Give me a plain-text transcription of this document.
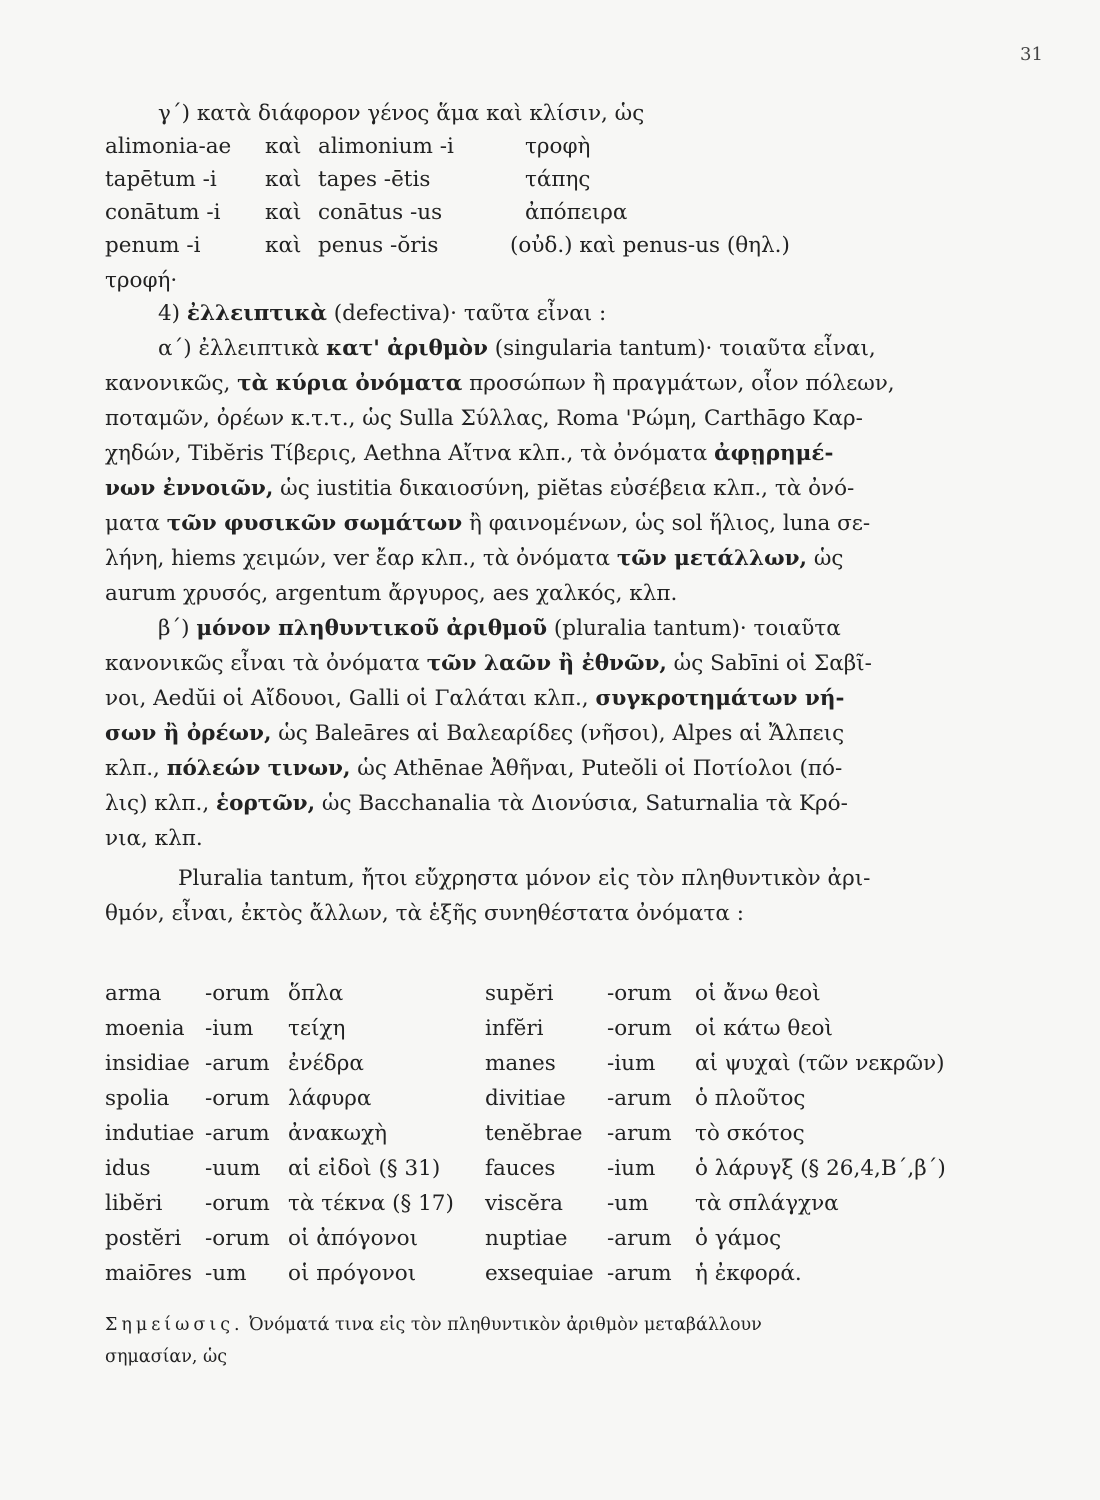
31
γ΄) κατὰ διάφορον γένος ἅμα καὶ κλίσιν, ὡς
alimonia-ae καὶ alimonium -i	τροφὴ
tapētum -i καὶ tapes -ētis	τάπης
conātum -i καὶ conātus -us	ἀπόπειρα
penum -i	καὶ penus -ŏris	(οὐδ.) καὶ penus-us (θηλ.)
τροφή·
4) ἐλλειπτικὰ (defectiva)· ταῦτα εἶναι :
α΄) ἐλλειπτικὰ κατ' ἀριθμὸν (singularia tantum)· τοιαῦτα εἶναι,
κανονικῶς, τὰ κύρια ὀνόματα προσώπων ἢ πραγμάτων, οἷον πόλεων,
ποταμῶν, ὀρέων κ.τ.τ., ὡς Sulla Σύλλας, Roma 'Ρώμη, Carthāgo Καρ-
χηδών, Tibĕris Τίβερις, Aethna Αἴτνα κλπ., τὰ ὀνόματα ἀφῃρημέ-
νων ἐννοιῶν, ὡς iustitia δικαιοσύνη, piĕtas εὐσέβεια κλπ., τὰ ὀνό-
ματα τῶν φυσικῶν σωμάτων ἢ φαινομένων, ὡς sol ἥλιος, luna σε-
λήνη, hiems χειμών, ver ἔαρ κλπ., τὰ ὀνόματα τῶν μετάλλων, ὡς
aurum χρυσός, argentum ἄργυρος, aes χαλκός, κλπ.
β΄) μόνον πληθυντικοῦ ἀριθμοῦ (pluralia tantum)· τοιαῦτα
κανονικῶς εἶναι τὰ ὀνόματα τῶν λαῶν ἢ ἐθνῶν, ὡς Sabīni οἱ Σαβῖ-
νοι, Aedŭi οἱ Αἴδουοι, Galli οἱ Γαλάται κλπ., συγκροτημάτων νή-
σων ἢ ὀρέων, ὡς Baleāres αἱ Βαλεαρίδες (νῆσοι), Alpes αἱ Ἄλπεις
κλπ., πόλεών τινων, ὡς Athēnae Ἀθῆναι, Puteŏli οἱ Ποτίολοι (πό-
λις) κλπ., ἑορτῶν, ὡς Bacchanalia τὰ Διονύσια, Saturnalia τὰ Κρό-
νια, κλπ.
Pluralia tantum, ἤτοι εὔχρηστα μόνον εἰς τὸν πληθυντικὸν ἀρι-
θμόν, εἶναι, ἐκτὸς ἄλλων, τὰ ἑξῆς συνηθέστατα ὀνόματα :
arma -orum ὅπλα	supĕri -orum οἱ ἄνω θεοὶ
moenia -ium τείχη	infĕri	-orum οἱ κάτω θεοὶ
insidiae -arum ἐνέδρα	manes -ium αἱ ψυχαὶ (τῶν νεκρῶν)
spolia -orum λάφυρα	divitiae -arum ὁ πλοῦτος
indutiae -arum ἀνακωχὴ	tenĕbrae -arum τὸ σκότος
idus	-uum αἱ εἰδοὶ (§ 31) fauces -ium ὁ λάρυγξ (§ 26,4,Β΄,β΄)
libĕri -orum τὰ τέκνα (§ 17) viscĕra -um τὰ σπλάγχνα
postĕri -orum οἱ ἀπόγονοι	nuptiae -arum ὁ γάμος
maiōres -um οἱ πρόγονοι	exsequiae -arum ἡ ἐκφορά.
Σημείωσις. Ὀνόματά τινα εἰς τὸν πληθυντικὸν ἀριθμὸν μεταβάλλουν
σημασίαν, ὡς
